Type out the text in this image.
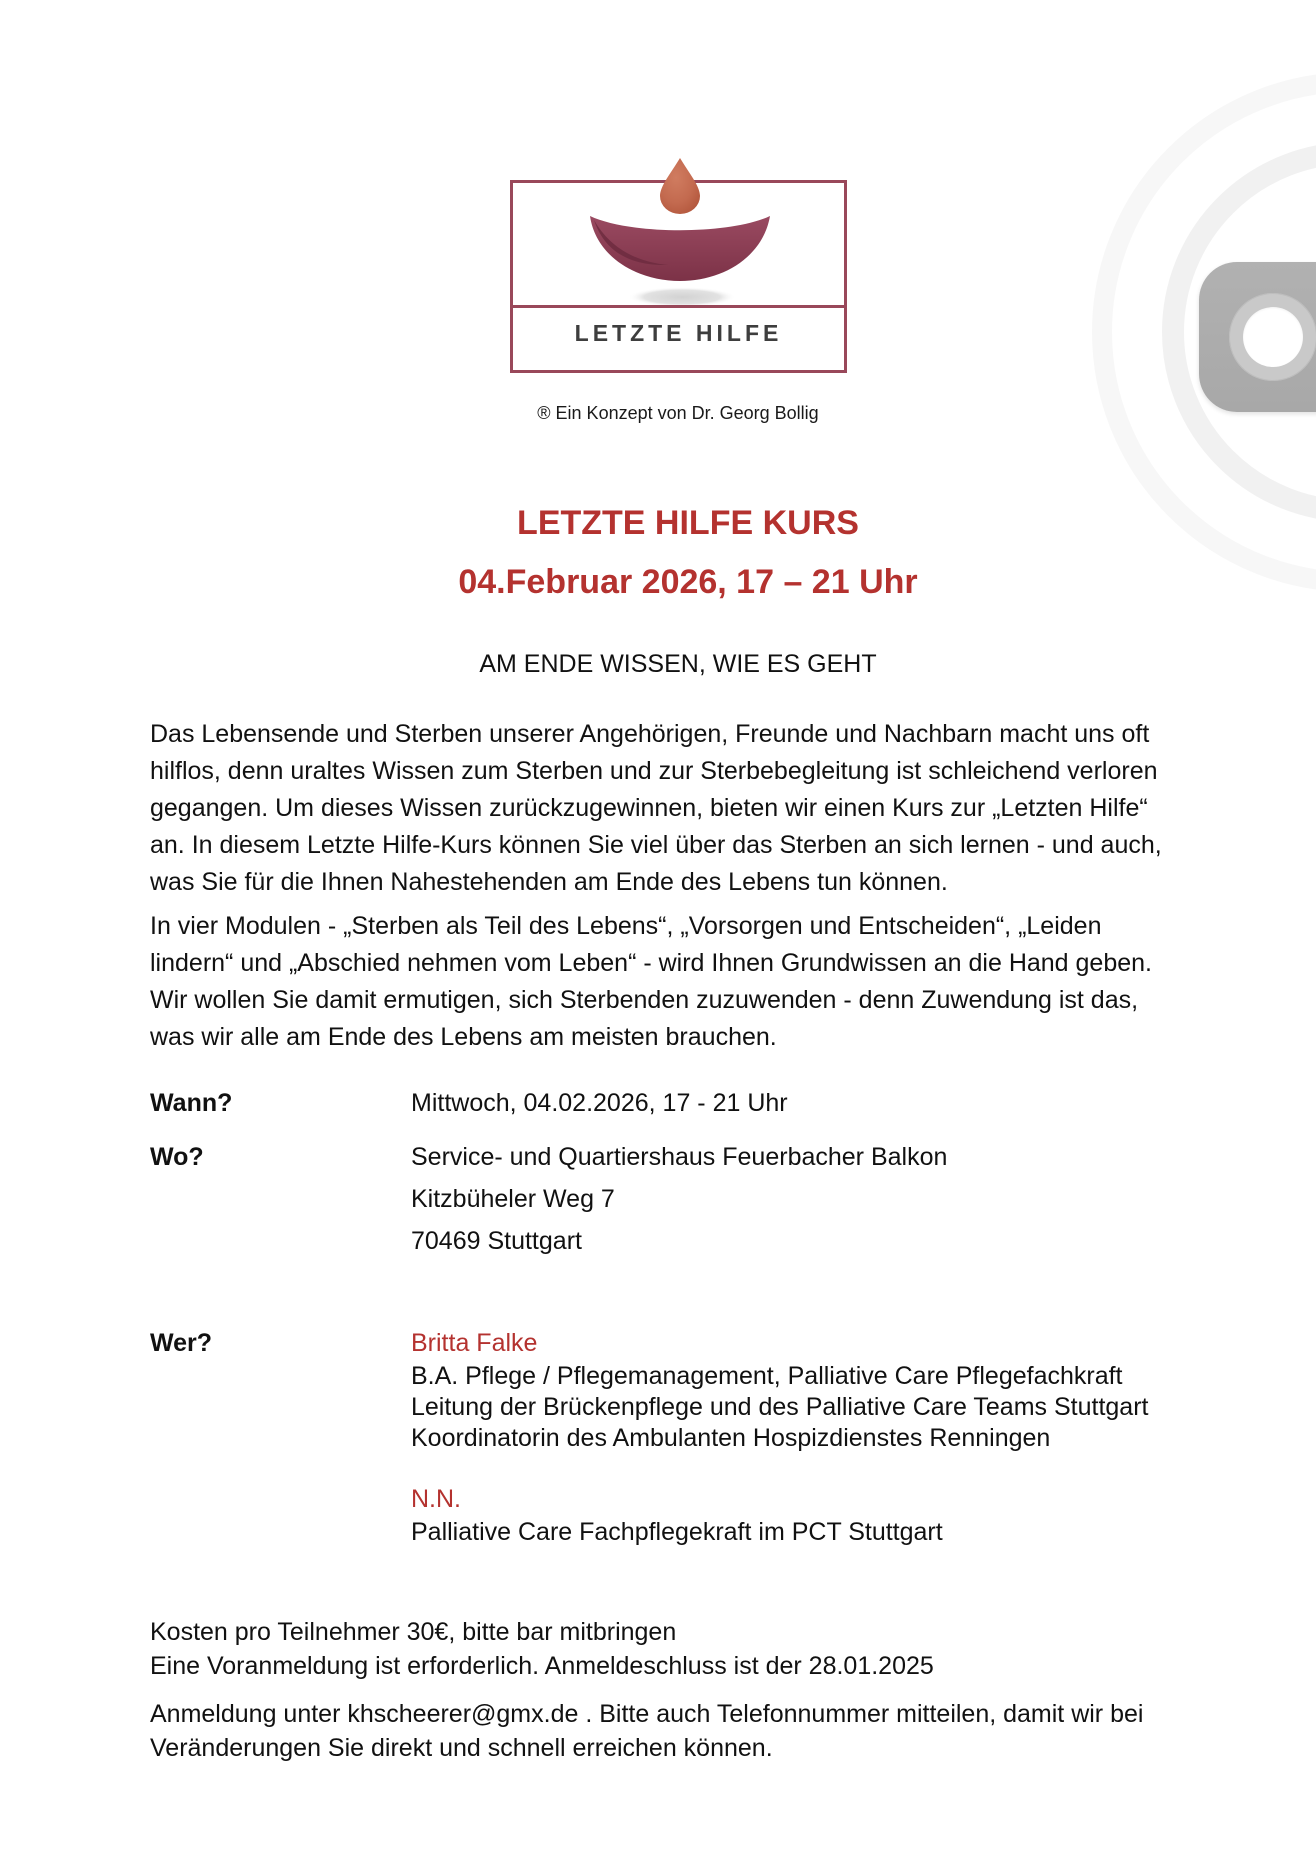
LETZTE HILFE
® Ein Konzept von Dr. Georg Bollig
LETZTE HILFE KURS
04.Februar 2026, 17 – 21 Uhr
AM ENDE WISSEN, WIE ES GEHT
Das Lebensende und Sterben unserer Angehörigen, Freunde und Nachbarn macht uns oft
hilflos, denn uraltes Wissen zum Sterben und zur Sterbebegleitung ist schleichend verloren
gegangen. Um dieses Wissen zurückzugewinnen, bieten wir einen Kurs zur „Letzten Hilfe“
an. In diesem Letzte Hilfe-Kurs können Sie viel über das Sterben an sich lernen - und auch,
was Sie für die Ihnen Nahestehenden am Ende des Lebens tun können.
In vier Modulen - „Sterben als Teil des Lebens“, „Vorsorgen und Entscheiden“, „Leiden
lindern“ und „Abschied nehmen vom Leben“ - wird Ihnen Grundwissen an die Hand geben.
Wir wollen Sie damit ermutigen, sich Sterbenden zuzuwenden - denn Zuwendung ist das,
was wir alle am Ende des Lebens am meisten brauchen.
Wann?	Mittwoch, 04.02.2026, 17 - 21 Uhr
Wo?	Service- und Quartiershaus Feuerbacher Balkon
Kitzbüheler Weg 7
70469 Stuttgart
Wer?	Britta Falke
B.A. Pflege / Pflegemanagement, Palliative Care Pflegefachkraft
Leitung der Brückenpflege und des Palliative Care Teams Stuttgart
Koordinatorin des Ambulanten Hospizdienstes Renningen
N.N.
Palliative Care Fachpflegekraft im PCT Stuttgart
Kosten pro Teilnehmer 30€, bitte bar mitbringen
Eine Voranmeldung ist erforderlich. Anmeldeschluss ist der 28.01.2025
Anmeldung unter khscheerer@gmx.de . Bitte auch Telefonnummer mitteilen, damit wir bei
Veränderungen Sie direkt und schnell erreichen können.
